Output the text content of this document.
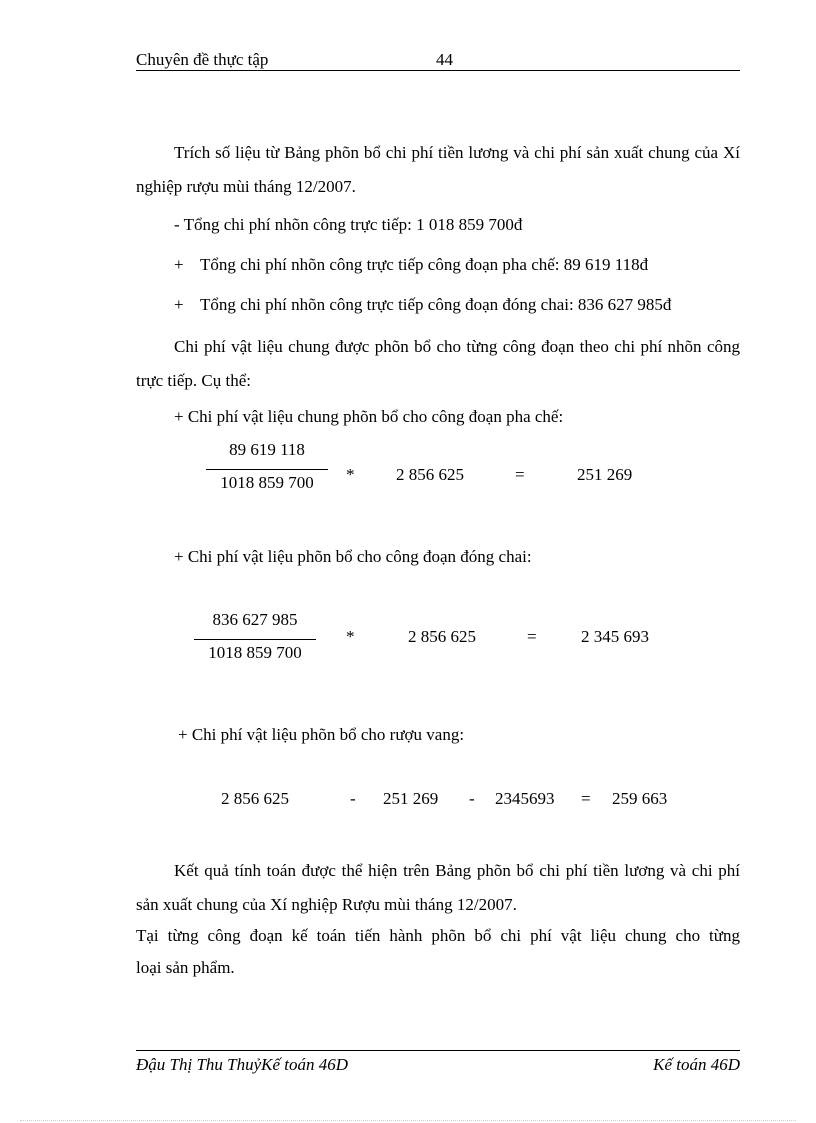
Chuyên đề thực tập	44
Trích số liệu từ Bảng phõn bổ chi phí tiền lương và chi phí sản xuất chung của Xí nghiệp rượu mùi tháng 12/2007.
- Tổng chi phí nhõn công trực tiếp: 1 018 859 700đ
+ Tổng chi phí nhõn công trực tiếp công đoạn pha chế: 89 619 118đ
+ Tổng chi phí nhõn công trực tiếp công đoạn đóng chai: 836 627 985đ
Chi phí vật liệu chung được phõn bổ cho từng công đoạn theo chi phí nhõn công trực tiếp. Cụ thể:
+ Chi phí vật liệu chung phõn bổ cho công đoạn pha chế:
89 619 118
1018 859 700	* 2 856 625	=	251 269
+ Chi phí vật liệu phõn bổ cho công đoạn đóng chai:
836 627 985
1018 859 700
*	2 856 625	=	2 345 693
+ Chi phí vật liệu phõn bổ cho rượu vang:
2 856 625	- 251 269 - 2345693 = 259 663
Kết quả tính toán được thể hiện trên Bảng phõn bổ chi phí tiền lương và chi phí sản xuất chung của Xí nghiệp Rượu mùi tháng 12/2007.
Tại từng công đoạn kế toán tiến hành phõn bổ chi phí vật liệu chung cho từng
loại sản phẩm.
Đậu Thị Thu ThuỷKế toán 46D	Kế toán 46D
